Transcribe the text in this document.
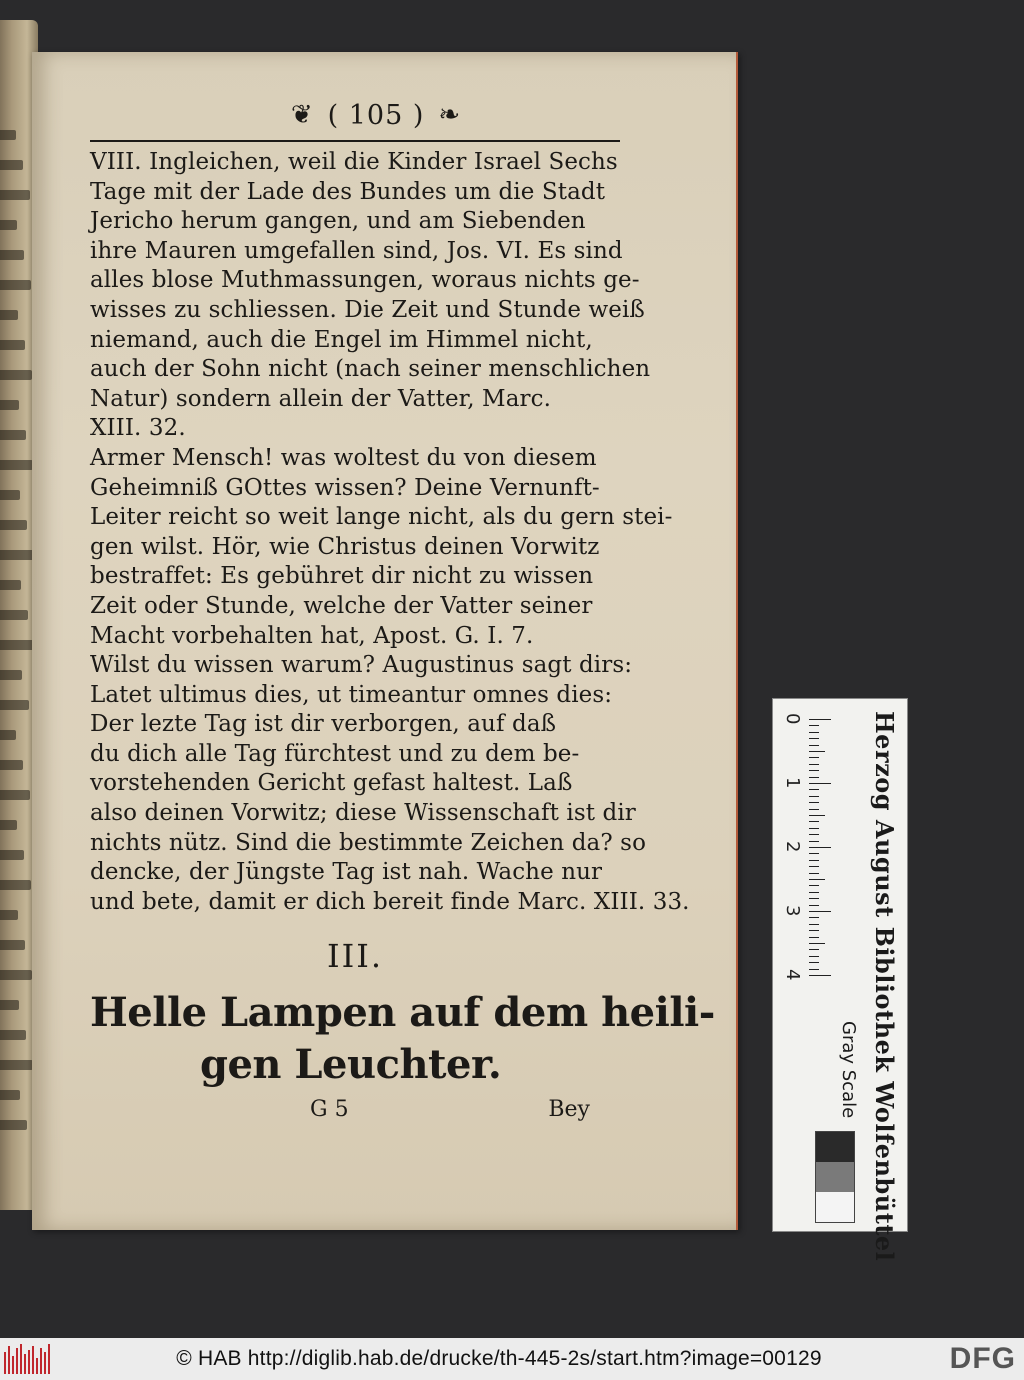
❦ ( 105 ) ❧
VIII. Ingleichen, weil die Kinder Israel Sechs
Tage mit der Lade des Bundes um die Stadt
Jericho herum gangen, und am Siebenden
ihre Mauren umgefallen sind, Jos. VI. Es sind
alles blose Muthmassungen, woraus nichts ge-
wisses zu schliessen. Die Zeit und Stunde weiß
niemand, auch die Engel im Himmel nicht,
auch der Sohn nicht (nach seiner menschlichen
Natur) sondern allein der Vatter, Marc.
XIII. 32.
Armer Mensch! was woltest du von diesem
Geheimniß GOttes wissen? Deine Vernunft-
Leiter reicht so weit lange nicht, als du gern stei-
gen wilst. Hör, wie Christus deinen Vorwitz
bestraffet: Es gebühret dir nicht zu wissen
Zeit oder Stunde, welche der Vatter seiner
Macht vorbehalten hat, Apost. G. I. 7.
Wilst du wissen warum? Augustinus sagt dirs:
Latet ultimus dies, ut timeantur omnes dies:
Der lezte Tag ist dir verborgen, auf daß
du dich alle Tag fürchtest und zu dem be-
vorstehenden Gericht gefast haltest. Laß
also deinen Vorwitz; diese Wissenschaft ist dir
nichts nütz. Sind die bestimmte Zeichen da? so
dencke, der Jüngste Tag ist nah. Wache nur
und bete, damit er dich bereit finde Marc. XIII. 33.
III.
Helle Lampen auf dem heili-
gen Leuchter.
G 5	Bey
0
1
2
3
4	Herzog August Bibliothek Wolfenbüttel
Gray Scale
© HAB http://diglib.hab.de/drucke/th-445-2s/start.htm?image=00129	DFG
